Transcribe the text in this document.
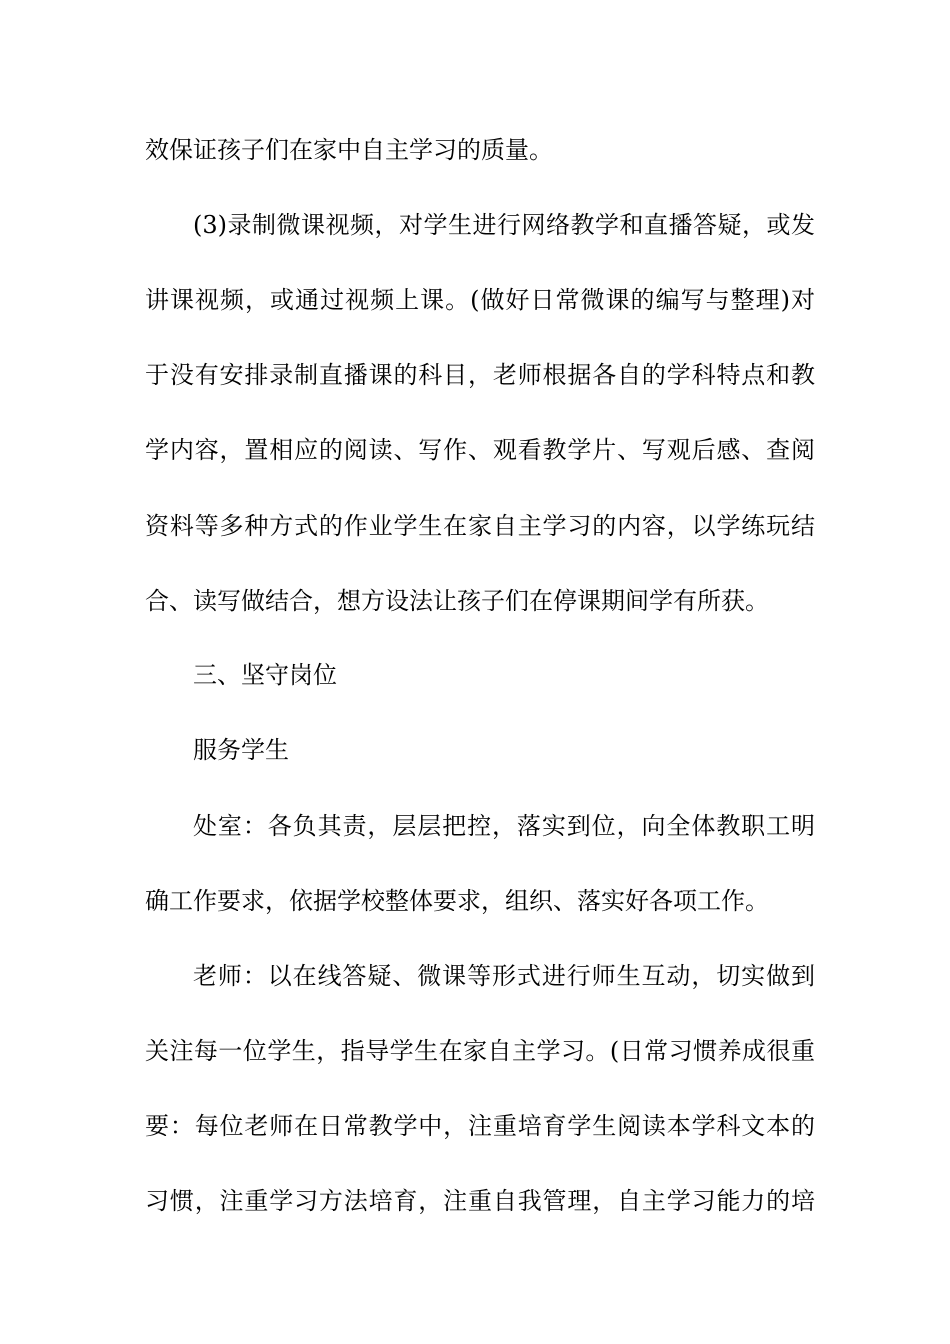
效保证孩子们在家中自主学习的质量。
(3)录制微课视频，对学生进行网络教学和直播答疑，或发
讲课视频，或通过视频上课。(做好日常微课的编写与整理)对
于没有安排录制直播课的科目，老师根据各自的学科特点和教
学内容，置相应的阅读、写作、观看教学片、写观后感、查阅
资料等多种方式的作业学生在家自主学习的内容，以学练玩结
合、读写做结合，想方设法让孩子们在停课期间学有所获。
三、坚守岗位
服务学生
处室：各负其责，层层把控，落实到位，向全体教职工明
确工作要求，依据学校整体要求，组织、落实好各项工作。
老师：以在线答疑、微课等形式进行师生互动，切实做到
关注每一位学生，指导学生在家自主学习。(日常习惯养成很重
要：每位老师在日常教学中，注重培育学生阅读本学科文本的
习惯，注重学习方法培育，注重自我管理，自主学习能力的培
